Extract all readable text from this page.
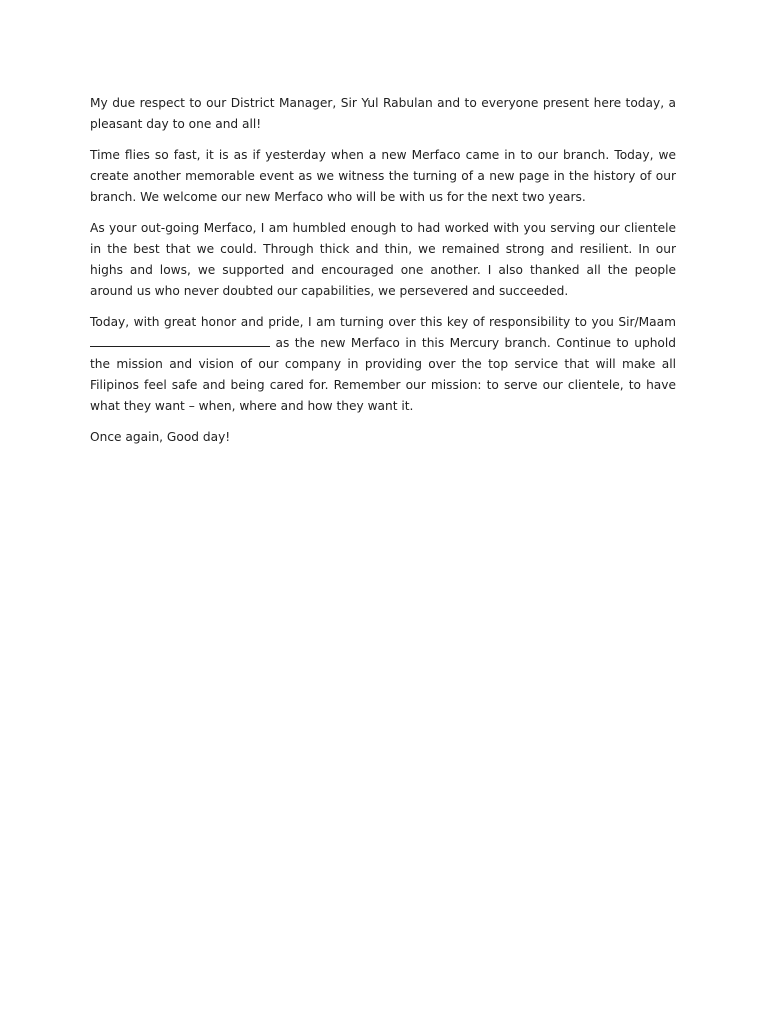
My due respect to our District Manager, Sir Yul Rabulan and to everyone present here today, a pleasant day to one and all!

Time flies so fast, it is as if yesterday when a new Merfaco came in to our branch. Today, we create another memorable event as we witness the turning of a new page in the history of our branch. We welcome our new Merfaco who will be with us for the next two years.

As your out-going Merfaco, I am humbled enough to had worked with you serving our clientele in the best that we could. Through thick and thin, we remained strong and resilient. In our highs and lows, we supported and encouraged one another. I also thanked all the people around us who never doubted our capabilities, we persevered and succeeded.

Today, with great honor and pride, I am turning over this key of responsibility to you Sir/Maam  as the new Merfaco in this Mercury branch. Continue to uphold the mission and vision of our company in providing over the top service that will make all Filipinos feel safe and being cared for. Remember our mission: to serve our clientele, to have what they want – when, where and how they want it.

Once again, Good day!
